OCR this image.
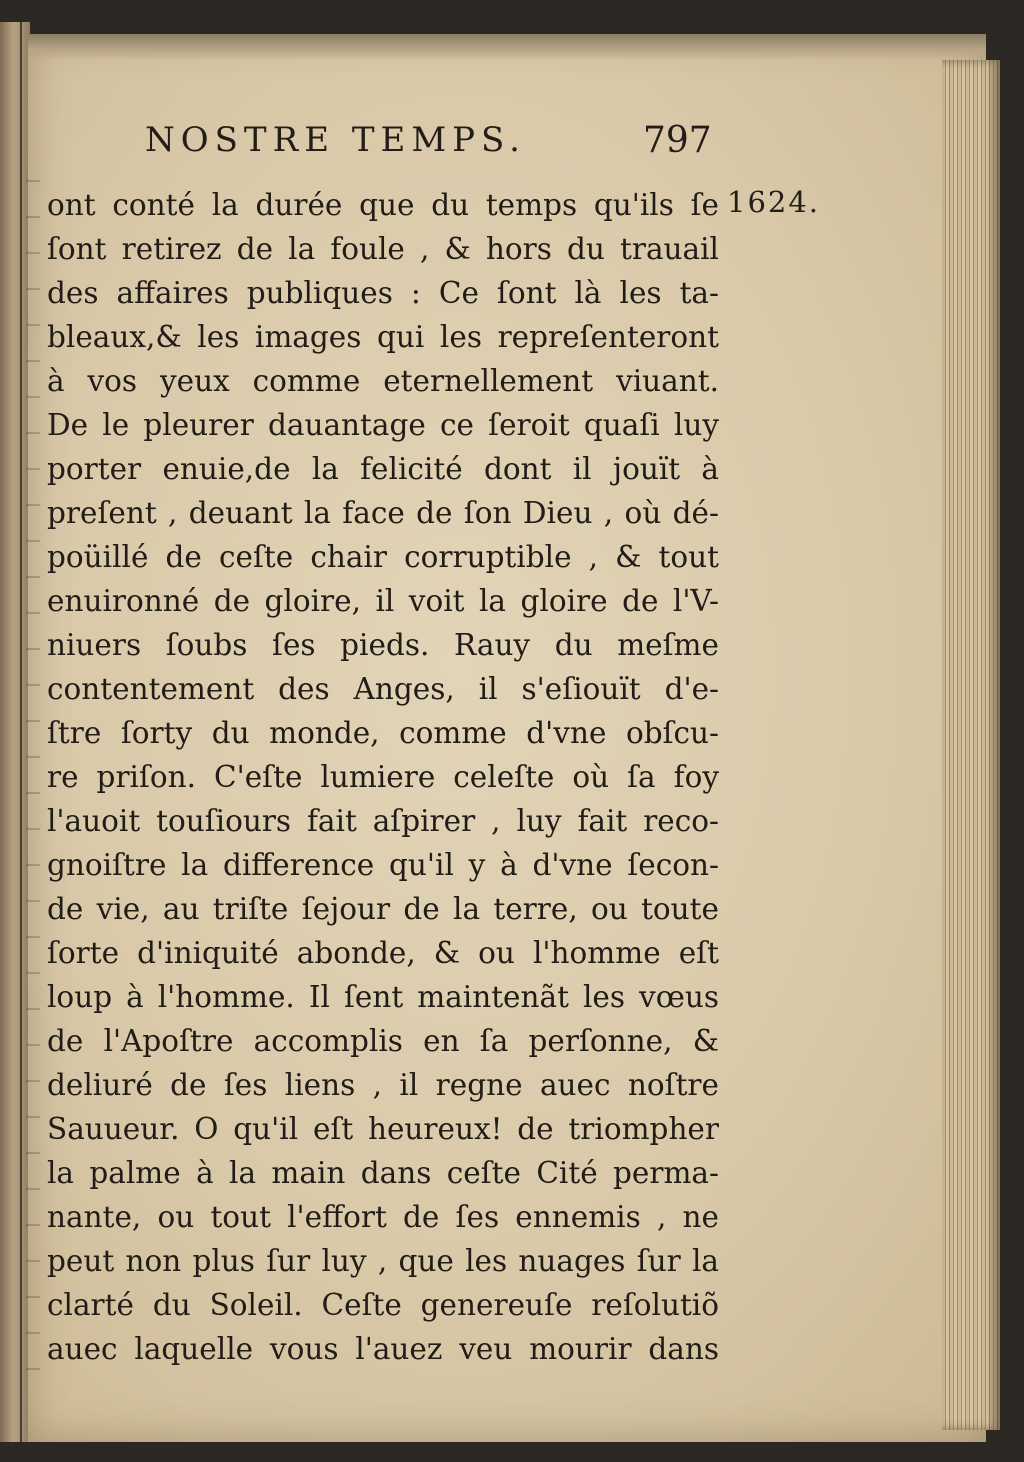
NOSTRE TEMPS.	797
1624.
ont conté la durée que du temps qu'ils ſe
ſont retirez de la foule , & hors du trauail
des affaires publiques : Ce ſont là les ta-
bleaux,& les images qui les repreſenteront
à vos yeux comme eternellement viuant.
De le pleurer dauantage ce ſeroit quaſi luy
porter enuie,de la felicité dont il jouït à
preſent , deuant la face de ſon Dieu , où dé-
poüillé de ceſte chair corruptible , & tout
enuironné de gloire, il voit la gloire de l'V-
niuers ſoubs ſes pieds. Rauy du meſme
contentement des Anges, il s'eſiouït d'e-
ſtre ſorty du monde, comme d'vne obſcu-
re priſon. C'eſte lumiere celeſte où ſa foy
l'auoit touſiours fait aſpirer , luy fait reco-
gnoiſtre la difference qu'il y à d'vne ſecon-
de vie, au triſte ſejour de la terre, ou toute
ſorte d'iniquité abonde, & ou l'homme eſt
loup à l'homme. Il ſent maintenãt les vœus
de l'Apoſtre accomplis en ſa perſonne, &
deliuré de ſes liens , il regne auec noſtre
Sauueur. O qu'il eſt heureux! de triompher
la palme à la main dans ceſte Cité perma-
nante, ou tout l'effort de ſes ennemis , ne
peut non plus ſur luy , que les nuages ſur la
clarté du Soleil. Ceſte genereuſe reſolutiõ
auec laquelle vous l'auez veu mourir dans
